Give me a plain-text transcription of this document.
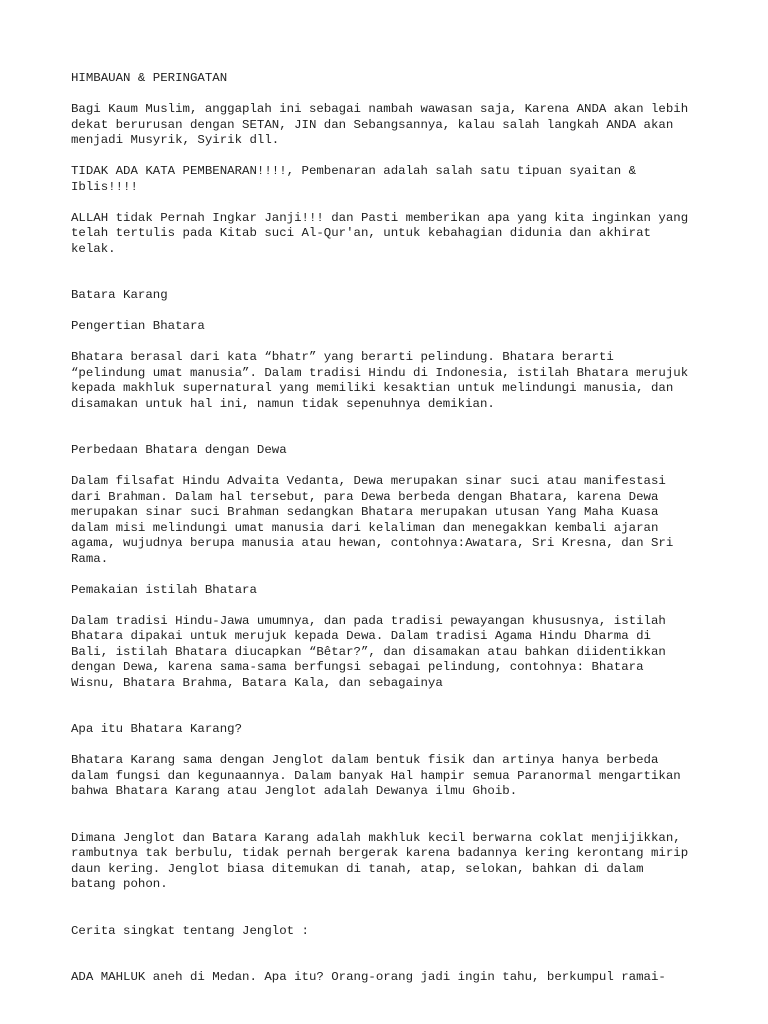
HIMBAUAN & PERINGATAN

Bagi Kaum Muslim, anggaplah ini sebagai nambah wawasan saja, Karena ANDA akan lebih
dekat berurusan dengan SETAN, JIN dan Sebangsannya, kalau salah langkah ANDA akan
menjadi Musyrik, Syirik dll.

TIDAK ADA KATA PEMBENARAN!!!!, Pembenaran adalah salah satu tipuan syaitan &
Iblis!!!!

ALLAH tidak Pernah Ingkar Janji!!! dan Pasti memberikan apa yang kita inginkan yang
telah tertulis pada Kitab suci Al-Qur'an, untuk kebahagian didunia dan akhirat
kelak.

Batara Karang

Pengertian Bhatara

Bhatara berasal dari kata “bhatr” yang berarti pelindung. Bhatara berarti
“pelindung umat manusia”. Dalam tradisi Hindu di Indonesia, istilah Bhatara merujuk
kepada makhluk supernatural yang memiliki kesaktian untuk melindungi manusia, dan
disamakan untuk hal ini, namun tidak sepenuhnya demikian.

Perbedaan Bhatara dengan Dewa

Dalam filsafat Hindu Advaita Vedanta, Dewa merupakan sinar suci atau manifestasi
dari Brahman. Dalam hal tersebut, para Dewa berbeda dengan Bhatara, karena Dewa
merupakan sinar suci Brahman sedangkan Bhatara merupakan utusan Yang Maha Kuasa
dalam misi melindungi umat manusia dari kelaliman dan menegakkan kembali ajaran
agama, wujudnya berupa manusia atau hewan, contohnya:Awatara, Sri Kresna, dan Sri
Rama.

Pemakaian istilah Bhatara

Dalam tradisi Hindu-Jawa umumnya, dan pada tradisi pewayangan khususnya, istilah
Bhatara dipakai untuk merujuk kepada Dewa. Dalam tradisi Agama Hindu Dharma di
Bali, istilah Bhatara diucapkan “Bêtar?”, dan disamakan atau bahkan diidentikkan
dengan Dewa, karena sama-sama berfungsi sebagai pelindung, contohnya: Bhatara
Wisnu, Bhatara Brahma, Batara Kala, dan sebagainya

Apa itu Bhatara Karang?

Bhatara Karang sama dengan Jenglot dalam bentuk fisik dan artinya hanya berbeda
dalam fungsi dan kegunaannya. Dalam banyak Hal hampir semua Paranormal mengartikan
bahwa Bhatara Karang atau Jenglot adalah Dewanya ilmu Ghoib.

Dimana Jenglot dan Batara Karang adalah makhluk kecil berwarna coklat menjijikkan,
rambutnya tak berbulu, tidak pernah bergerak karena badannya kering kerontang mirip
daun kering. Jenglot biasa ditemukan di tanah, atap, selokan, bahkan di dalam
batang pohon.

Cerita singkat tentang Jenglot :

ADA MAHLUK aneh di Medan. Apa itu? Orang-orang jadi ingin tahu, berkumpul ramai-
